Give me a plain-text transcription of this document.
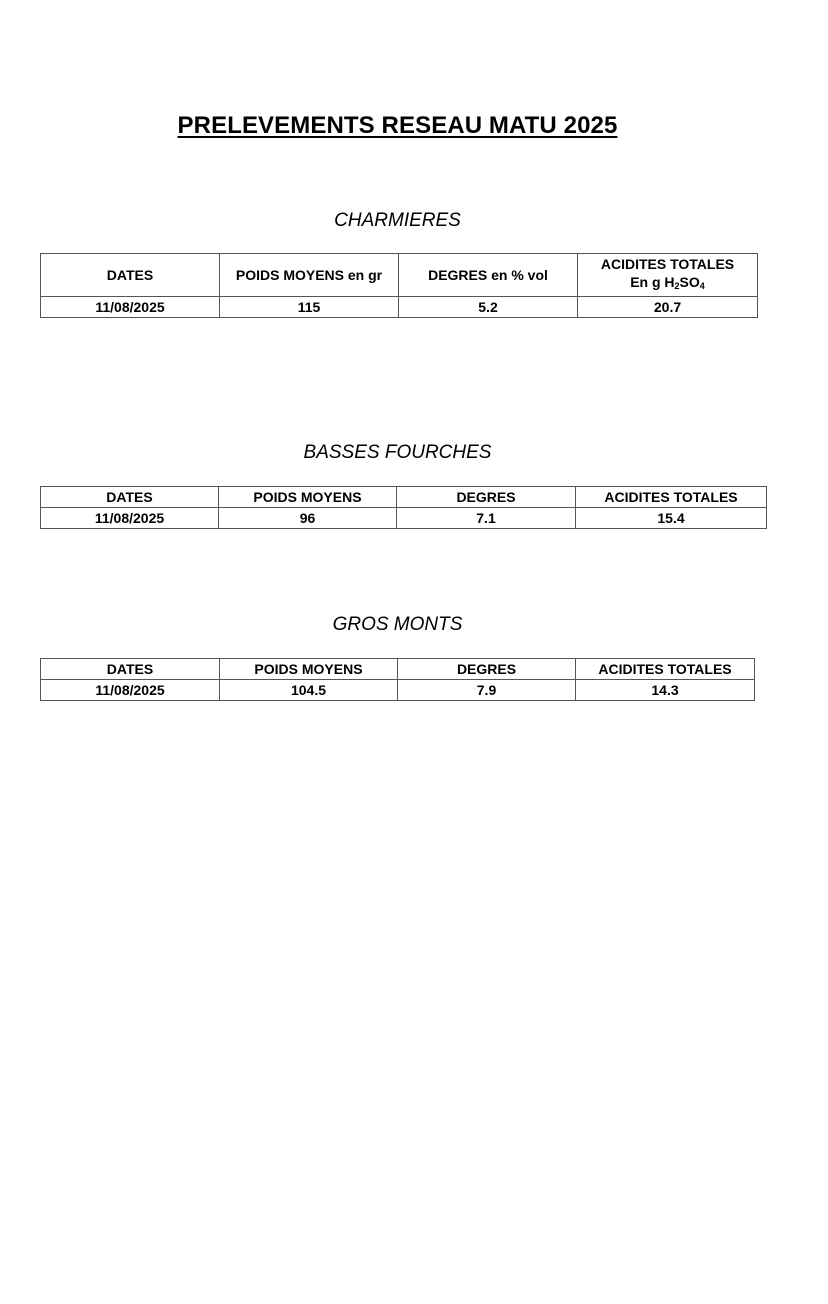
PRELEVEMENTS RESEAU MATU 2025
CHARMIERES
DATES	POIDS MOYENS en gr	DEGRES en % vol	ACIDITES TOTALES
En g $H_2SO_4$

11/08/2025	115	5.2	20.7
BASSES FOURCHES
DATES	POIDS MOYENS	DEGRES	ACIDITES TOTALES
11/08/2025	96	7.1	15.4
GROS MONTS
DATES	POIDS MOYENS	DEGRES	ACIDITES TOTALES
11/08/2025	104.5	7.9	14.3
